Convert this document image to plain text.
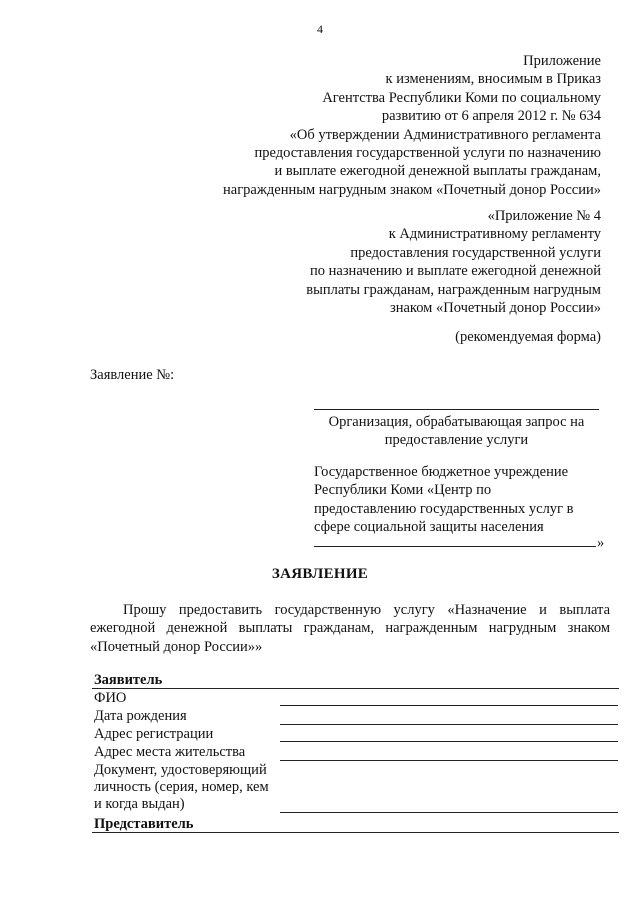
4
Приложение
к изменениям, вносимым в Приказ
Агентства Республики Коми по социальному
развитию от 6 апреля 2012 г. № 634
«Об утверждении Административного регламента
предоставления государственной услуги по назначению
и выплате ежегодной денежной выплаты гражданам,
награжденным нагрудным знаком «Почетный донор России»
«Приложение № 4
к Административному регламенту
предоставления государственной услуги
по назначению и выплате ежегодной денежной
выплаты гражданам, награжденным нагрудным
знаком «Почетный донор России»
(рекомендуемая форма)
Заявление №:
Организация, обрабатывающая запрос на
предоставление услуги
Государственное бюджетное учреждение
Республики Коми «Центр по
предоставлению государственных услуг в
сфере социальной защиты населения
»
ЗАЯВЛЕНИЕ
Прошу предоставить государственную услугу «Назначение и выплата
ежегодной денежной выплаты гражданам, награжденным нагрудным знаком
«Почетный донор России»»
Заявитель
ФИО
Дата рождения
Адрес регистрации
Адрес места жительства
Документ, удостоверяющий
личность (серия, номер, кем
и когда выдан)
Представитель
